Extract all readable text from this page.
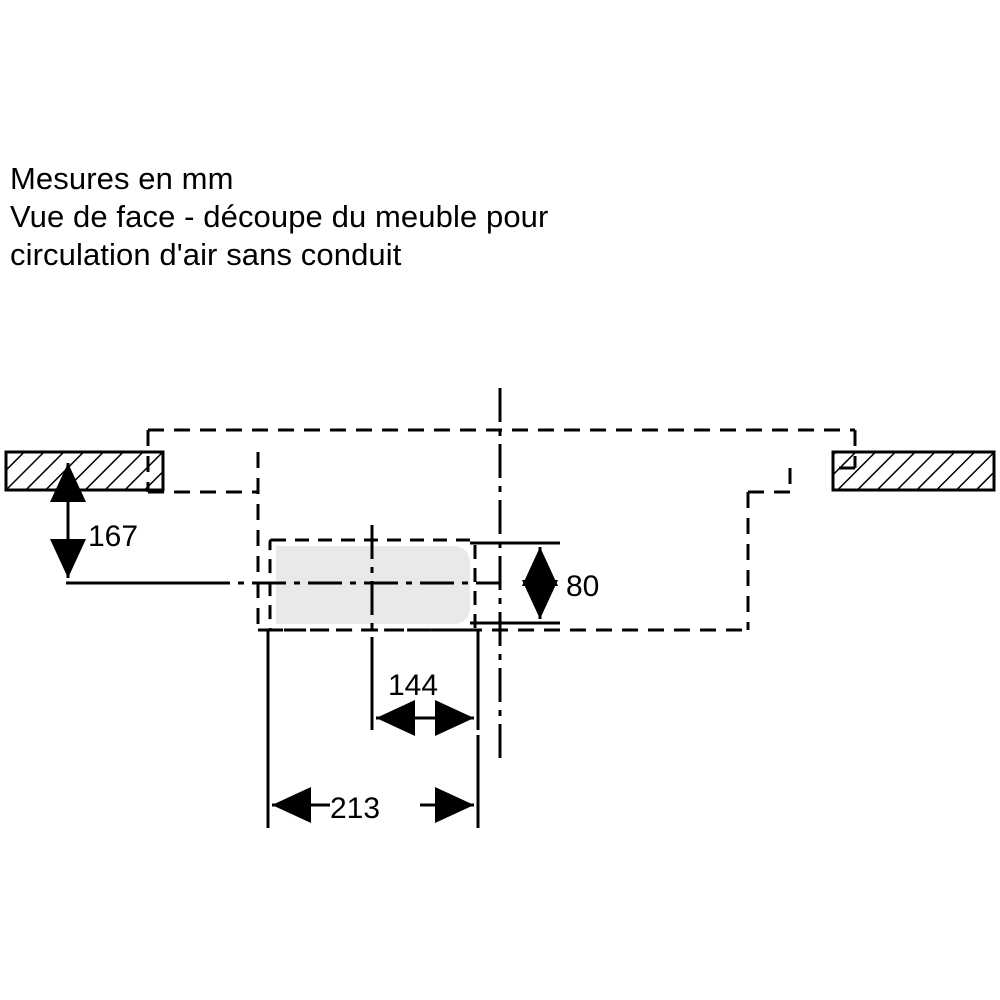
Mesures en mm
Vue de face - découpe du meuble pour
circulation d'air sans conduit
167
80
144
213
